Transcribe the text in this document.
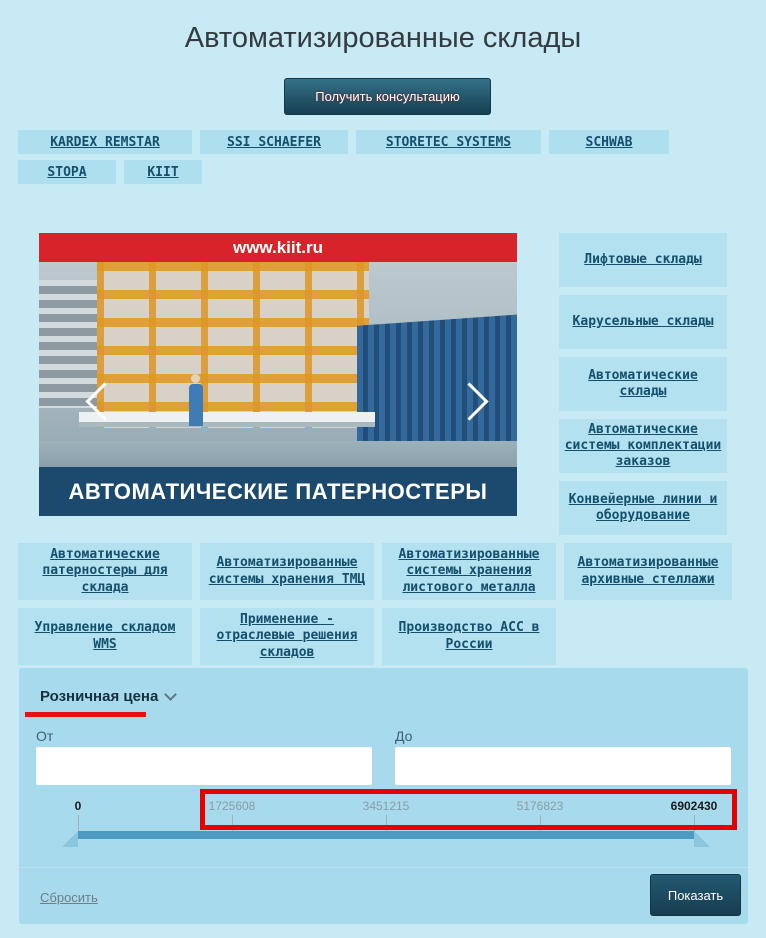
Автоматизированные склады
Получить консультацию
KARDEX REMSTAR	SSI SCHAEFER	STORETEC SYSTEMS	SCHWAB
STOPA	KIIT
www.kiit.ru
АВТОМАТИЧЕСКИЕ ПАТЕРНОСТЕРЫ
Лифтовые склады
Карусельные склады
Автоматические склады
Автоматические системы комплектации заказов
Конвейерные линии и оборудование
Автоматические патерностеры для склада
Автоматизированные системы хранения ТМЦ
Автоматизированные системы хранения листового металла
Автоматизированные архивные стеллажи
Управление складом WMS
Применение - отраслевые решения складов
Производство АСС в России
Розничная цена
От	До
0	1725608	3451215	5176823	6902430
Сбросить	Показать
